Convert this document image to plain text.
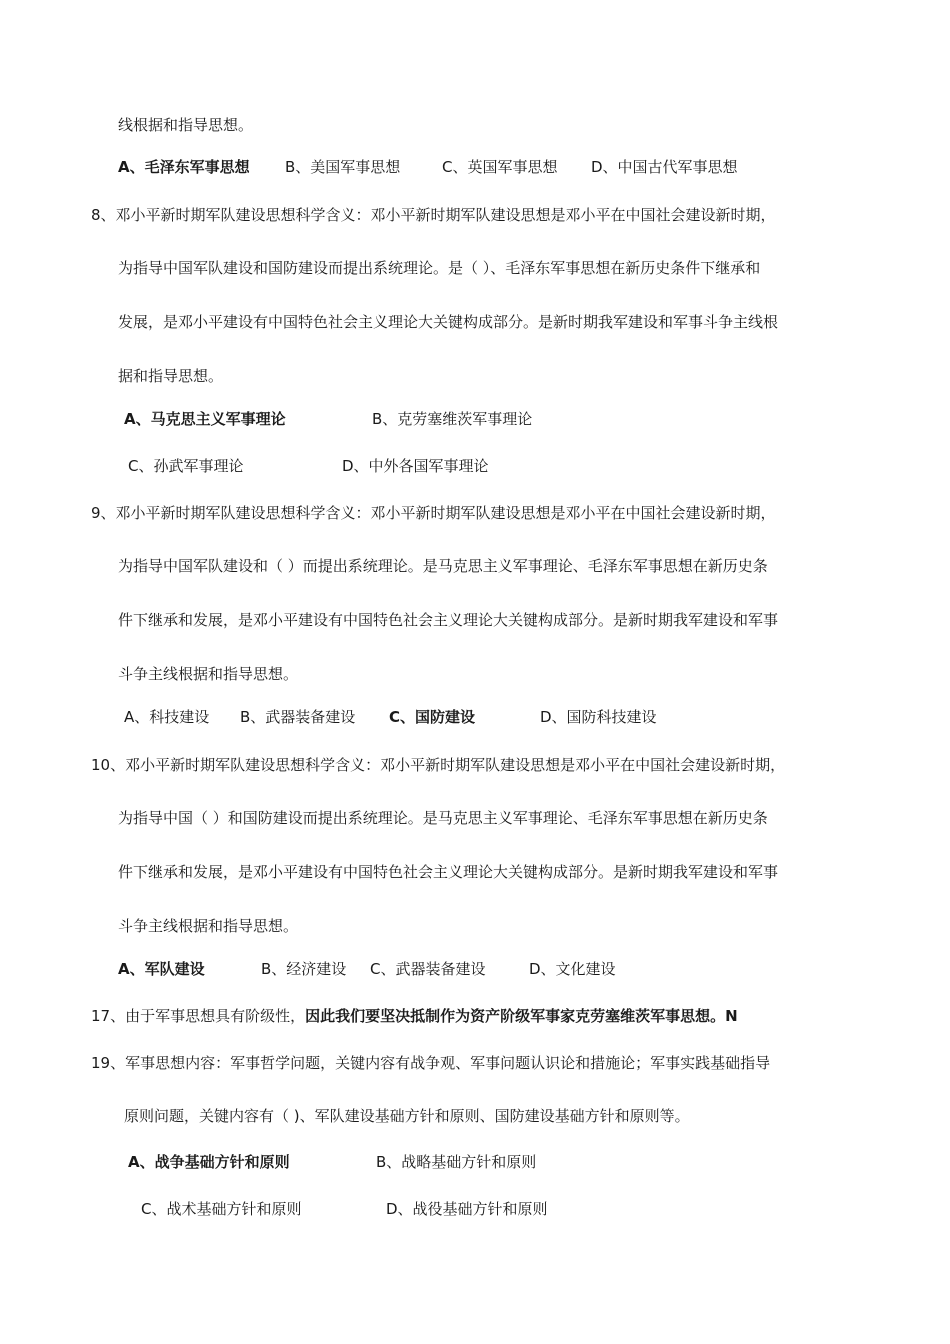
线根据和指导思想。
A、毛泽东军事思想 B、美国军事思想	C、英国军事思想 D、中国古代军事思想
8、邓小平新时期军队建设思想科学含义：邓小平新时期军队建设思想是邓小平在中国社会建设新时期，
为指导中国军队建设和国防建设而提出系统理论。是（ ）、毛泽东军事思想在新历史条件下继承和
发展，是邓小平建设有中国特色社会主义理论大关键构成部分。是新时期我军建设和军事斗争主线根
据和指导思想。
A、马克思主义军事理论	B、克劳塞维茨军事理论
C、孙武军事理论	D、中外各国军事理论
9、邓小平新时期军队建设思想科学含义：邓小平新时期军队建设思想是邓小平在中国社会建设新时期，
为指导中国军队建设和（ ）而提出系统理论。是马克思主义军事理论、毛泽东军事思想在新历史条
件下继承和发展，是邓小平建设有中国特色社会主义理论大关键构成部分。是新时期我军建设和军事
斗争主线根据和指导思想。
A、科技建设 B、武器装备建设 C、国防建设	D、国防科技建设
10、邓小平新时期军队建设思想科学含义：邓小平新时期军队建设思想是邓小平在中国社会建设新时期，
为指导中国（ ）和国防建设而提出系统理论。是马克思主义军事理论、毛泽东军事思想在新历史条
件下继承和发展，是邓小平建设有中国特色社会主义理论大关键构成部分。是新时期我军建设和军事
斗争主线根据和指导思想。
A、军队建设	B、经济建设 C、武器装备建设	D、文化建设
17、由于军事思想具有阶级性，因此我们要坚决抵制作为资产阶级军事家克劳塞维茨军事思想。N
19、军事思想内容：军事哲学问题，关键内容有战争观、军事问题认识论和措施论；军事实践基础指导
原则问题，关键内容有（ )、军队建设基础方针和原则、国防建设基础方针和原则等。
A、战争基础方针和原则	B、战略基础方针和原则
C、战术基础方针和原则	D、战役基础方针和原则
